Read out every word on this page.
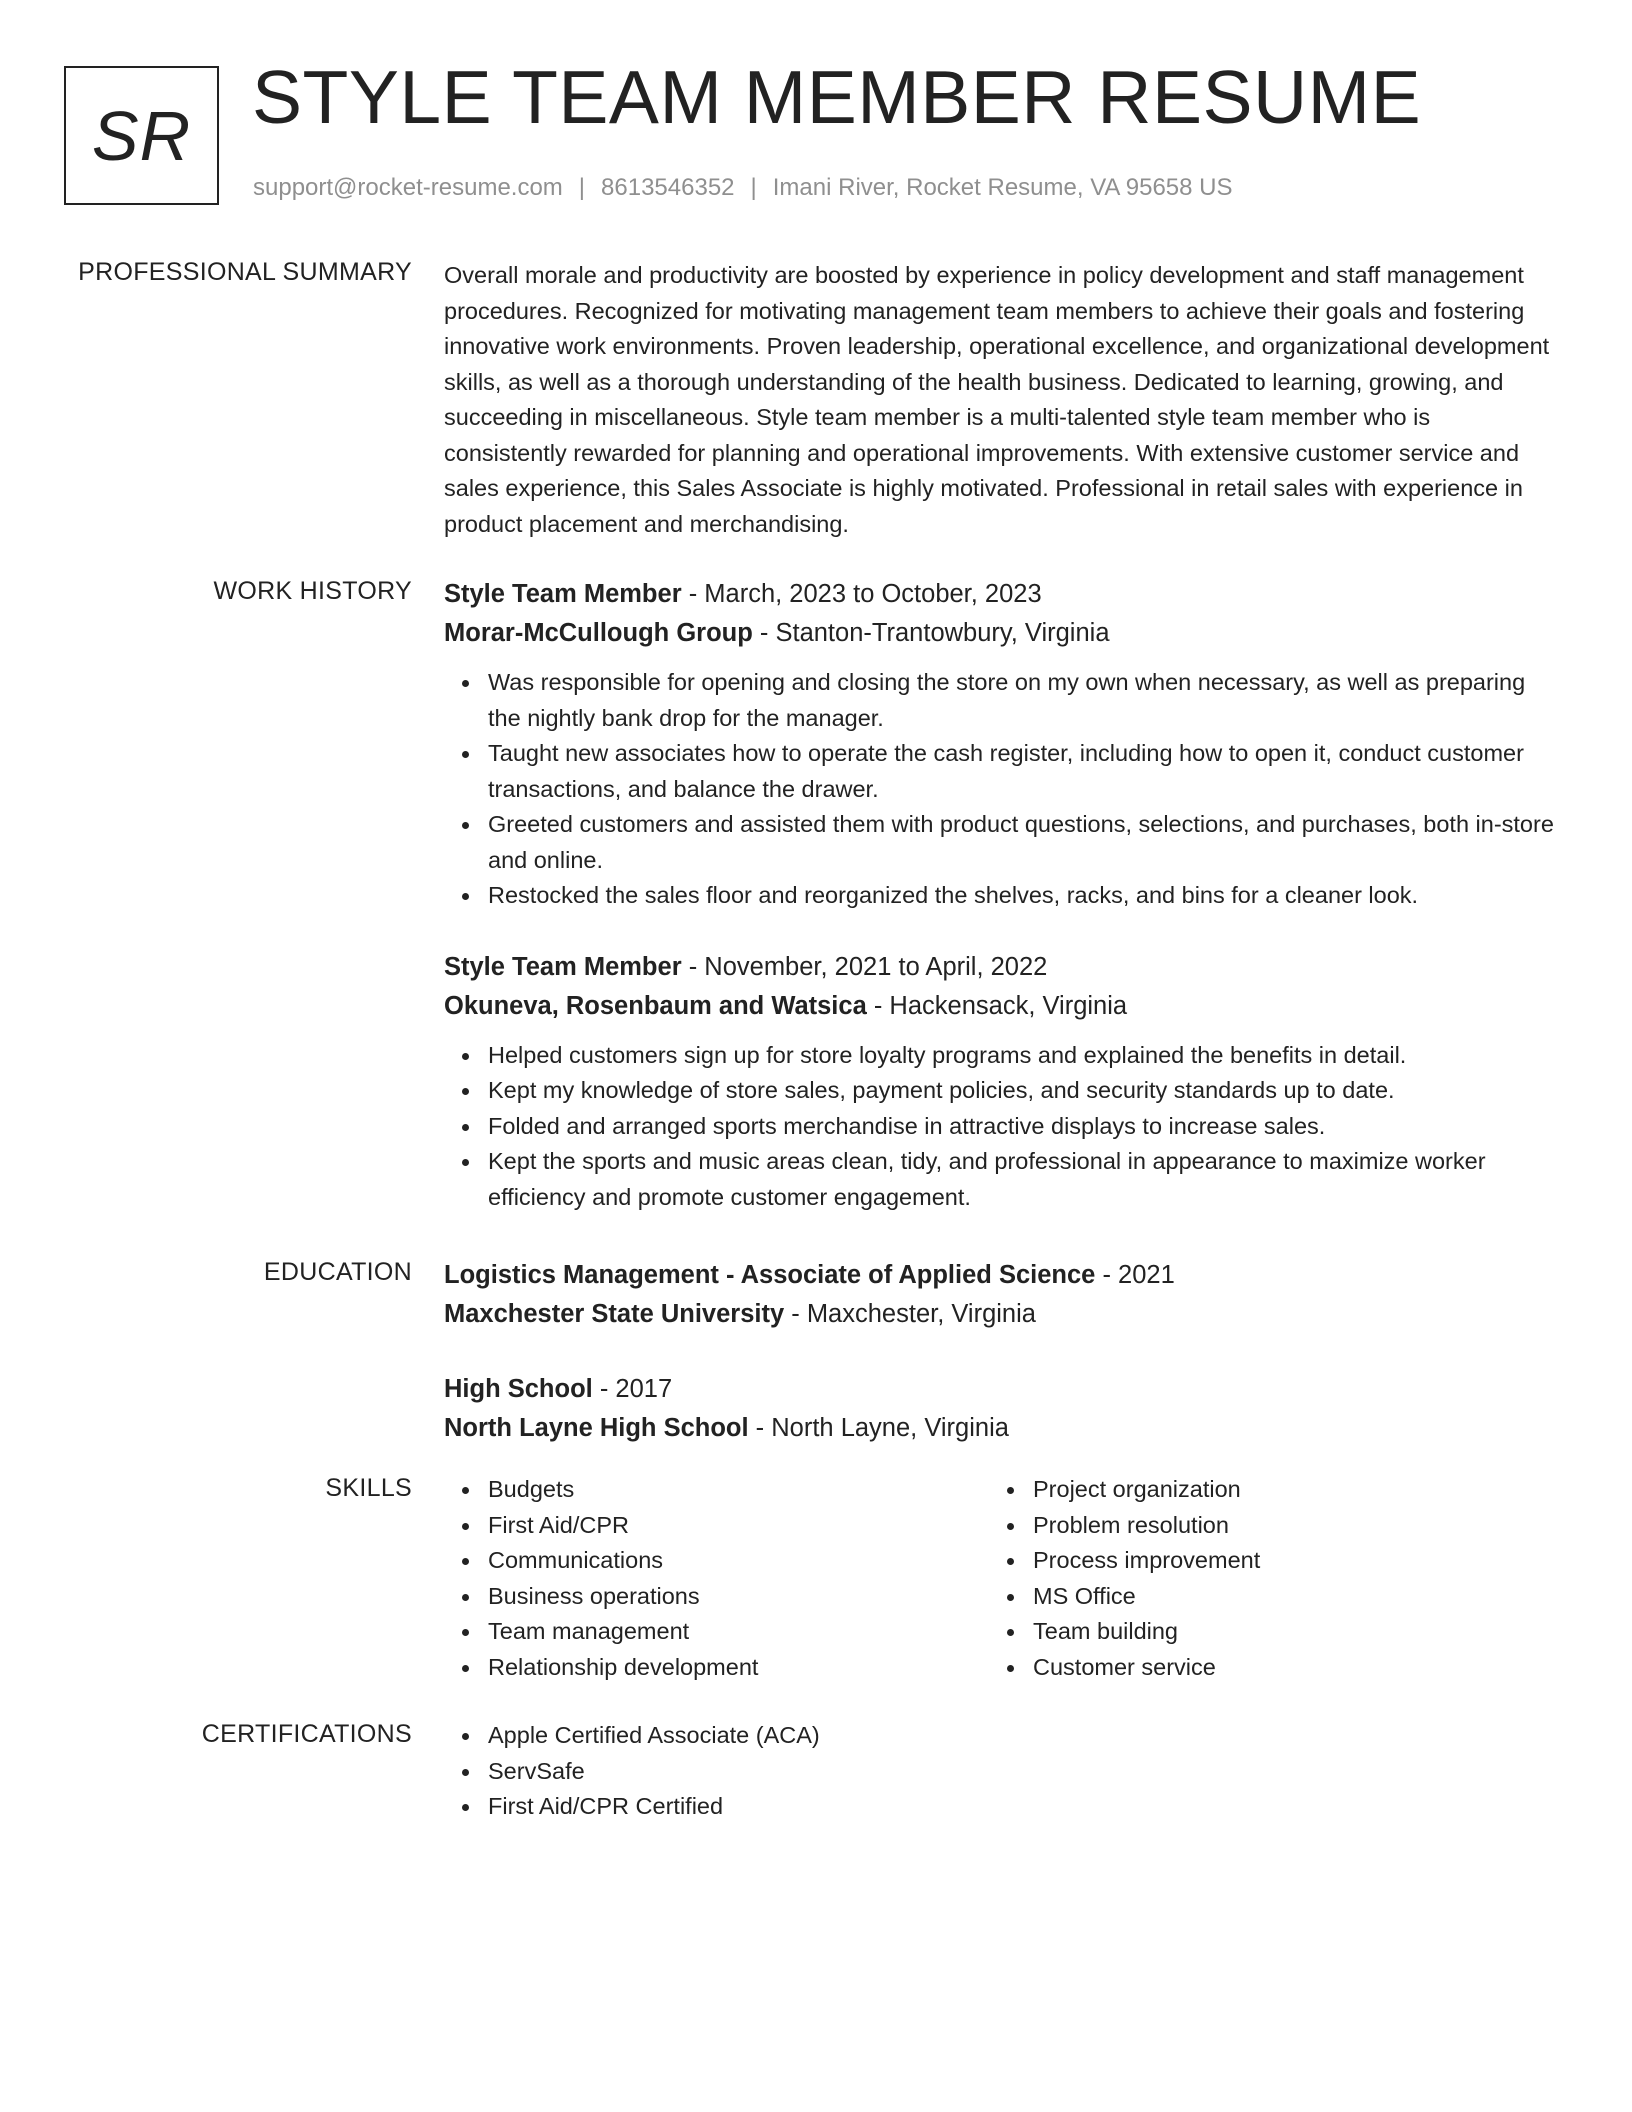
SR STYLE TEAM MEMBER RESUME
support@rocket-resume.com | 8613546352 | Imani River, Rocket Resume, VA 95658 US
PROFESSIONAL SUMMARY Overall morale and productivity are boosted by experience in policy development and staff management procedures. Recognized for motivating management team members to achieve their goals and fostering innovative work environments. Proven leadership, operational excellence, and organizational development skills, as well as a thorough understanding of the health business. Dedicated to learning, growing, and succeeding in miscellaneous. Style team member is a multi-talented style team member who is consistently rewarded for planning and operational improvements. With extensive customer service and sales experience, this Sales Associate is highly motivated. Professional in retail sales with experience in product placement and merchandising.

WORK HISTORY Style Team Member - March, 2023 to October, 2023
Morar-McCullough Group - Stanton-Trantowbury, Virginia
Was responsible for opening and closing the store on my own when necessary, as well as preparing the nightly bank drop for the manager.
Taught new associates how to operate the cash register, including how to open it, conduct customer transactions, and balance the drawer.
Greeted customers and assisted them with product questions, selections, and purchases, both in-store and online.
Restocked the sales floor and reorganized the shelves, racks, and bins for a cleaner look.
Style Team Member - November, 2021 to April, 2022
Okuneva, Rosenbaum and Watsica - Hackensack, Virginia
Helped customers sign up for store loyalty programs and explained the benefits in detail.
Kept my knowledge of store sales, payment policies, and security standards up to date.
Folded and arranged sports merchandise in attractive displays to increase sales.
Kept the sports and music areas clean, tidy, and professional in appearance to maximize worker efficiency and promote customer engagement.
EDUCATION Logistics Management - Associate of Applied Science - 2021
Maxchester State University - Maxchester, Virginia
High School - 2017
North Layne High School - North Layne, Virginia
SKILLS	Budgets
First Aid/CPR
Communications
Business operations
Team management
Relationship development
Project organization
Problem resolution
Process improvement
MS Office
Team building
Customer service
CERTIFICATIONS	Apple Certified Associate (ACA)
ServSafe
First Aid/CPR Certified
